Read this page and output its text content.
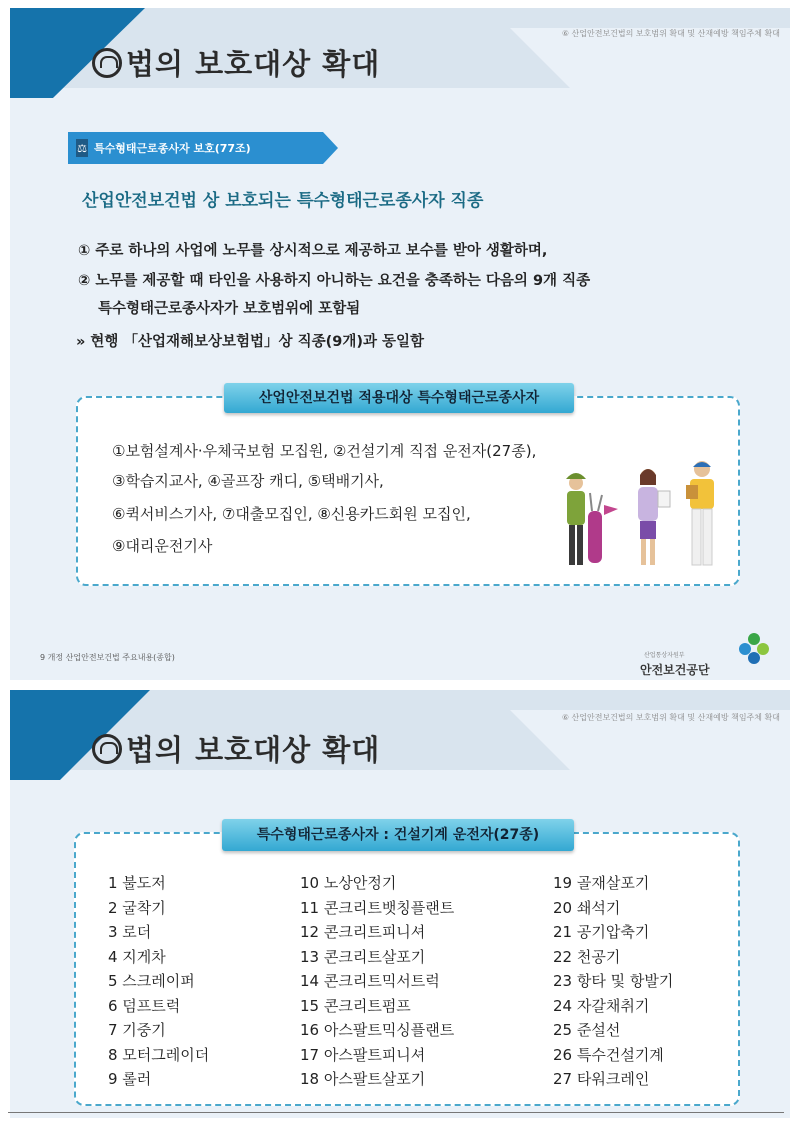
⑥ 산업안전보건법의 보호범위 확대 및 산재예방 책임주체 확대
법의 보호대상 확대
⚖ 특수형태근로종사자 보호(77조)
산업안전보건법 상 보호되는 특수형태근로종사자 직종
① 주로 하나의 사업에 노무를 상시적으로 제공하고 보수를 받아 생활하며,
② 노무를 제공할 때 타인을 사용하지 아니하는 요건을 충족하는 다음의 9개 직종
특수형태근로종사자가 보호범위에 포함됨
» 현행 「산업재해보상보험법」상 직종(9개)과 동일함
산업안전보건법 적용대상 특수형태근로종사자
①보험설계사·우체국보험 모집원, ②건설기계 직접 운전자(27종),
③학습지교사, ④골프장 캐디, ⑤택배기사,
⑥퀵서비스기사, ⑦대출모집인, ⑧신용카드회원 모집인,
⑨대리운전기사
9 개정 산업안전보건법 주요내용(종합)	산업통상자원부
안전보건공단
⑥ 산업안전보건법의 보호범위 확대 및 산재예방 책임주체 확대
법의 보호대상 확대
특수형태근로종사자 : 건설기계 운전자(27종)
1 불도저
2 굴착기
3 로더
4 지게차
5 스크레이퍼
6 덤프트럭
7 기중기
8 모터그레이더
9 롤러
10 노상안정기
11 콘크리트뱃칭플랜트
12 콘크리트피니셔
13 콘크리트살포기
14 콘크리트믹서트럭
15 콘크리트펌프
16 아스팔트믹싱플랜트
17 아스팔트피니셔
18 아스팔트살포기
19 골재살포기
20 쇄석기
21 공기압축기
22 천공기
23 항타 및 항발기
24 자갈채취기
25 준설선
26 특수건설기계
27 타워크레인
